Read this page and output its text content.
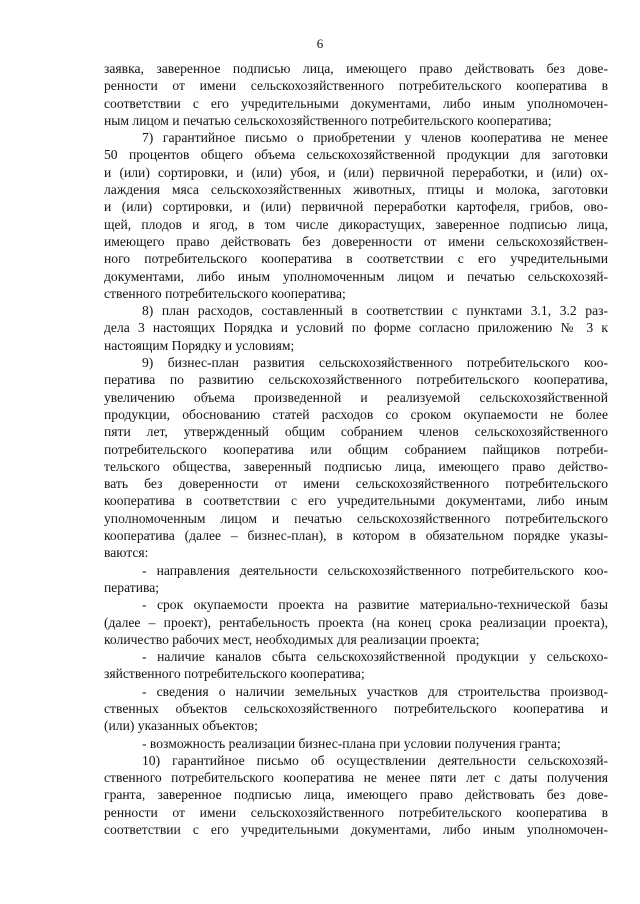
6
заявка, заверенное подписью лица, имеющего право действовать без дове-
ренности от имени сельскохозяйственного потребительского кооператива в
соответствии с его учредительными документами, либо иным уполномочен-
ным лицом и печатью сельскохозяйственного потребительского кооператива;
7) гарантийное письмо о приобретении у членов кооператива не менее
50 процентов общего объема сельскохозяйственной продукции для заготовки
и (или) сортировки, и (или) убоя, и (или) первичной переработки, и (или) ох-
лаждения мяса сельскохозяйственных животных, птицы и молока, заготовки
и (или) сортировки, и (или) первичной переработки картофеля, грибов, ово-
щей, плодов и ягод, в том числе дикорастущих, заверенное подписью лица,
имеющего право действовать без доверенности от имени сельскохозяйствен-
ного потребительского кооператива в соответствии с его учредительными
документами, либо иным уполномоченным лицом и печатью сельскохозяй-
ственного потребительского кооператива;
8) план расходов, составленный в соответствии с пунктами 3.1, 3.2 раз-
дела 3 настоящих Порядка и условий по форме согласно приложению № 3 к
настоящим Порядку и условиям;
9) бизнес-план развития сельскохозяйственного потребительского коо-
ператива по развитию сельскохозяйственного потребительского кооператива,
увеличению объема произведенной и реализуемой сельскохозяйственной
продукции, обоснованию статей расходов со сроком окупаемости не более
пяти лет, утвержденный общим собранием членов сельскохозяйственного
потребительского кооператива или общим собранием пайщиков потреби-
тельского общества, заверенный подписью лица, имеющего право действо-
вать без доверенности от имени сельскохозяйственного потребительского
кооператива в соответствии с его учредительными документами, либо иным
уполномоченным лицом и печатью сельскохозяйственного потребительского
кооператива (далее – бизнес-план), в котором в обязательном порядке указы-
ваются:
- направления деятельности сельскохозяйственного потребительского коо-
ператива;
- срок окупаемости проекта на развитие материально-технической базы
(далее – проект), рентабельность проекта (на конец срока реализации проекта),
количество рабочих мест, необходимых для реализации проекта;
- наличие каналов сбыта сельскохозяйственной продукции у сельскохо-
зяйственного потребительского кооператива;
- сведения о наличии земельных участков для строительства производ-
ственных объектов сельскохозяйственного потребительского кооператива и
(или) указанных объектов;
- возможность реализации бизнес-плана при условии получения гранта;
10) гарантийное письмо об осуществлении деятельности сельскохозяй-
ственного потребительского кооператива не менее пяти лет с даты получения
гранта, заверенное подписью лица, имеющего право действовать без дове-
ренности от имени сельскохозяйственного потребительского кооператива в
соответствии с его учредительными документами, либо иным уполномочен-
